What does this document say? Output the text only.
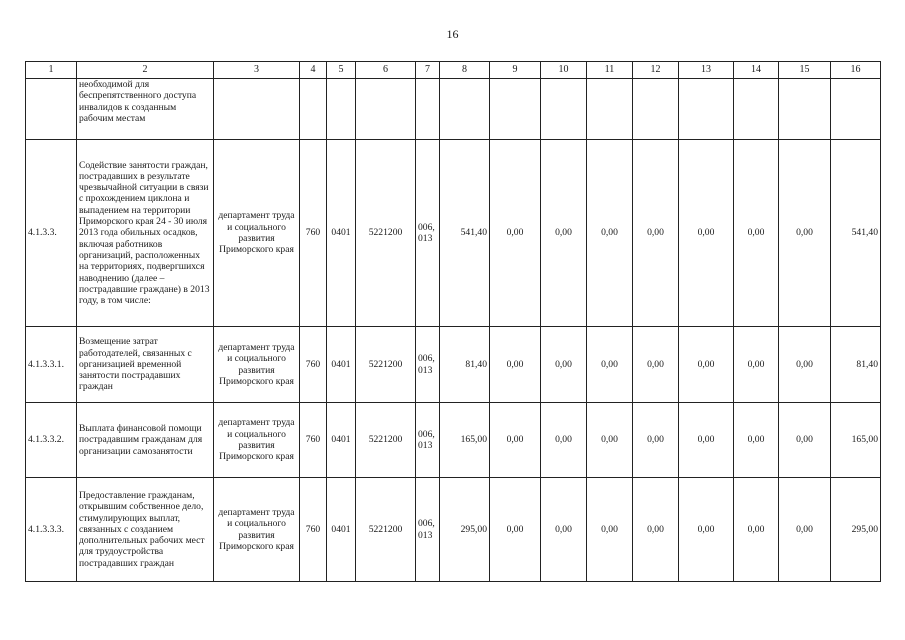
16
1	2	3	4	5	6	7	8	9	10	11	12	13	14	15	16
	необходимой для беспрепятственного доступа инвалидов к созданным рабочим местам														
4.1.3.3.	Содействие занятости граждан, пострадавших в результате чрезвычайной ситуации в связи с прохождением циклона и выпадением на территории Приморского края 24 - 30 июля 2013 года обильных осадков, включая работников организаций, расположенных на территориях, подвергшихся наводнению (далее – пострадавшие граждане) в 2013 году, в том числе:	департамент труда и социального развития Приморского края	760	0401	5221200	006, 013	541,40	0,00	0,00	0,00	0,00	0,00	0,00	0,00	541,40
4.1.3.3.1.	Возмещение затрат работодателей, связанных с организацией временной занятости пострадавших граждан	департамент труда и социального развития Приморского края	760	0401	5221200	006, 013	81,40	0,00	0,00	0,00	0,00	0,00	0,00	0,00	81,40
4.1.3.3.2.	Выплата финансовой помощи пострадавшим гражданам для организации самозанятости	департамент труда и социального развития Приморского края	760	0401	5221200	006, 013	165,00	0,00	0,00	0,00	0,00	0,00	0,00	0,00	165,00
4.1.3.3.3.	Предоставление гражданам, открывшим собственное дело, стимулирующих выплат, связанных с созданием дополнительных рабочих мест для трудоустройства пострадавших граждан	департамент труда и социального развития Приморского края	760	0401	5221200	006, 013	295,00	0,00	0,00	0,00	0,00	0,00	0,00	0,00	295,00
